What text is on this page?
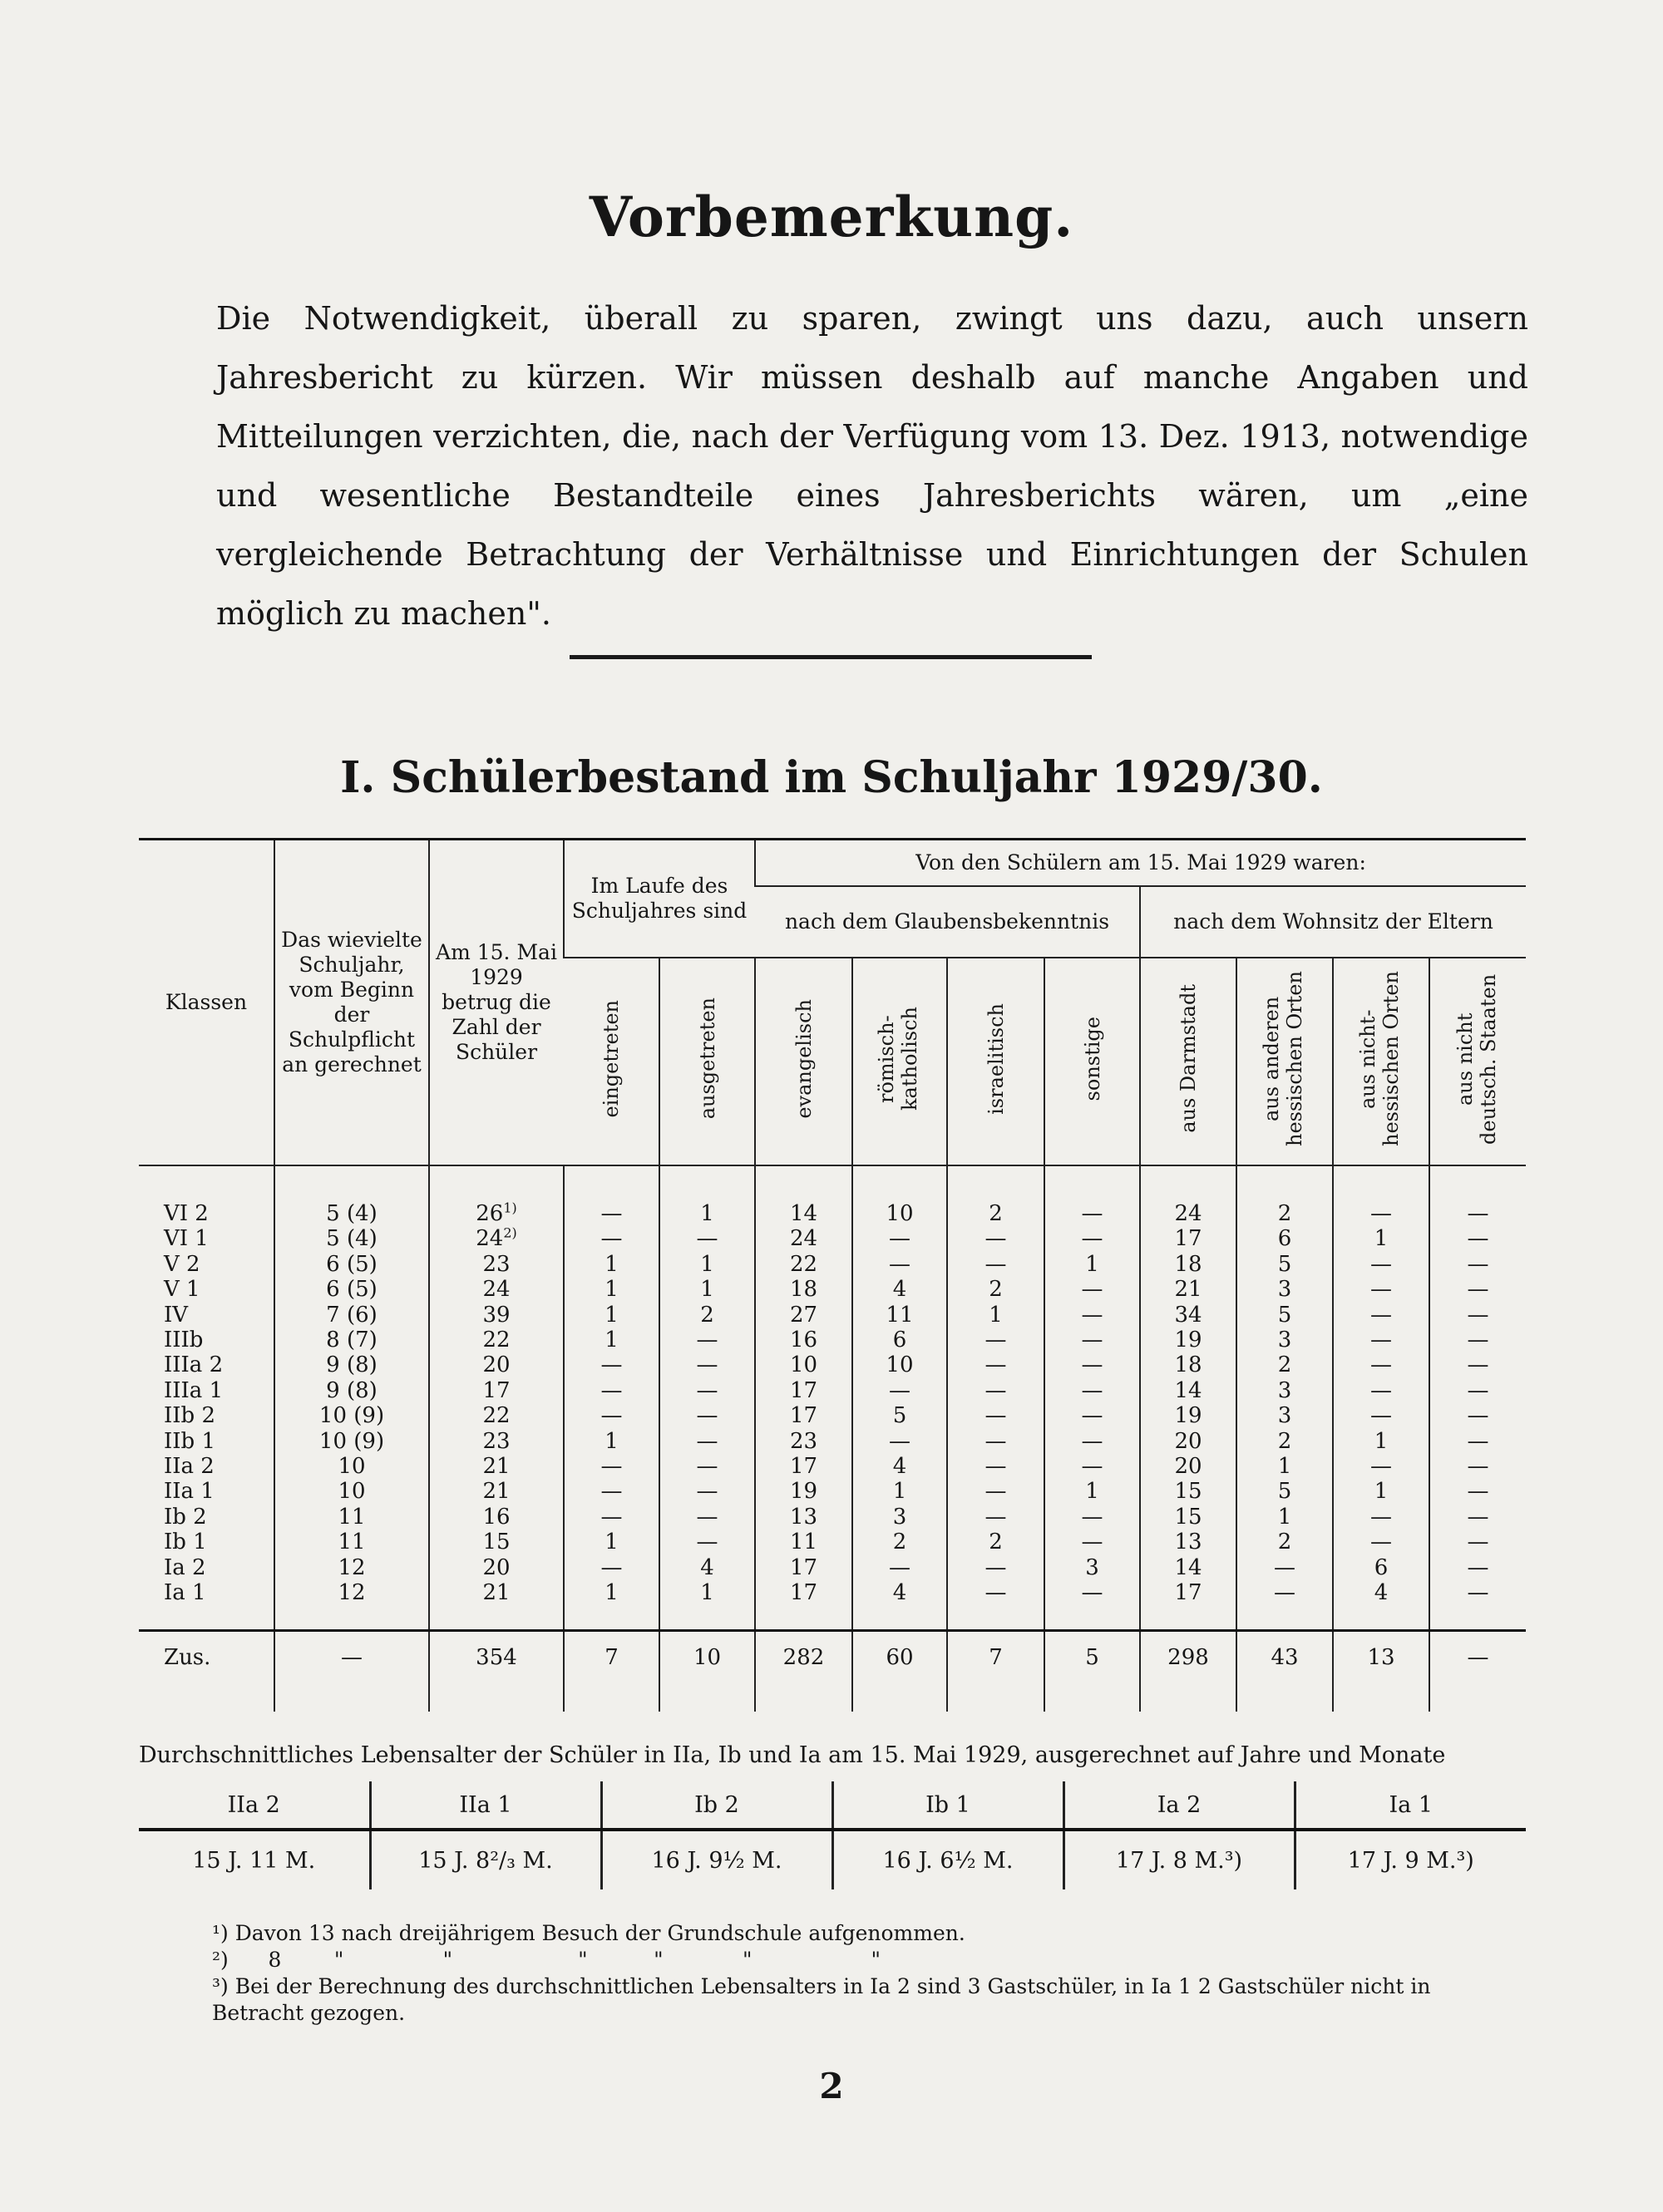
Vorbemerkung.

Die Notwendigkeit, überall zu sparen, zwingt uns dazu, auch unsern Jahresbericht zu kürzen. Wir müssen deshalb auf manche Angaben und Mitteilungen verzichten, die, nach der Verfügung vom 13. Dez. 1913, notwendige und wesentliche Bestandteile eines Jahresberichts wären, um „eine vergleichende Betrachtung der Verhältnisse und Einrichtungen der Schulen möglich zu machen".

I. Schülerbestand im Schuljahr 1929/30.
Klassen	Das wievielte Schuljahr, vom Beginn der Schulpflicht an gerechnet	Am 15. Mai 1929 betrug die Zahl der Schüler	Im Laufe des Schuljahres sind		Von den Schülern am 15. Mai 1929 waren:							
					nach dem Glaubensbekenntnis				nach dem Wohnsitz der Eltern			
			eingetreten	ausgetreten	evangelisch	römisch-katholisch	israelitisch	sonstige	aus Darmstadt	aus anderen hessischen Orten	aus nicht-hessischen Orten	aus nicht deutsch. Staaten
VI 2	5 (4)	26$^{1)}$	—	1	14	10	2	—	24	2	—	—
VI 1	5 (4)	24$^{2)}$	—	—	24	—	—	—	17	6	1	—
V 2	6 (5)	23	1	1	22	—	—	1	18	5	—	—
V 1	6 (5)	24	1	1	18	4	2	—	21	3	—	—
IV	7 (6)	39	1	2	27	11	1	—	34	5	—	—
IIIb	8 (7)	22	1	—	16	6	—	—	19	3	—	—
IIIa 2	9 (8)	20	—	—	10	10	—	—	18	2	—	—
IIIa 1	9 (8)	17	—	—	17	—	—	—	14	3	—	—
IIb 2	10 (9)	22	—	—	17	5	—	—	19	3	—	—
IIb 1	10 (9)	23	1	—	23	—	—	—	20	2	1	—
IIa 2	10	21	—	—	17	4	—	—	20	1	—	—
IIa 1	10	21	—	—	19	1	—	1	15	5	1	—
Ib 2	11	16	—	—	13	3	—	—	15	1	—	—
Ib 1	11	15	1	—	11	2	2	—	13	2	—	—
Ia 2	12	20	—	4	17	—	—	3	14	—	6	—
Ia 1	12	21	1	1	17	4	—	—	17	—	4	—
Zus.	—	354	7	10	282	60	7	5	298	43	13	—
Durchschnittliches Lebensalter der Schüler in IIa, Ib und Ia am 15. Mai 1929, ausgerechnet auf Jahre und Monate
IIa 2	IIa 1	Ib 2	Ib 1	Ia 2	Ia 1
15 J. 11 M.	15 J. 8²/₃ M.	16 J. 9½ M.	16 J. 6½ M.	17 J. 8 M.³)	17 J. 9 M.³)

¹) Davon 13 nach dreijährigem Besuch der Grundschule aufgenommen.

²)      8        "               "                   "          "            "                  "

³) Bei der Berechnung des durchschnittlichen Lebensalters in Ia 2 sind 3 Gastschüler, in Ia 1 2 Gastschüler nicht in Betracht gezogen.

2
